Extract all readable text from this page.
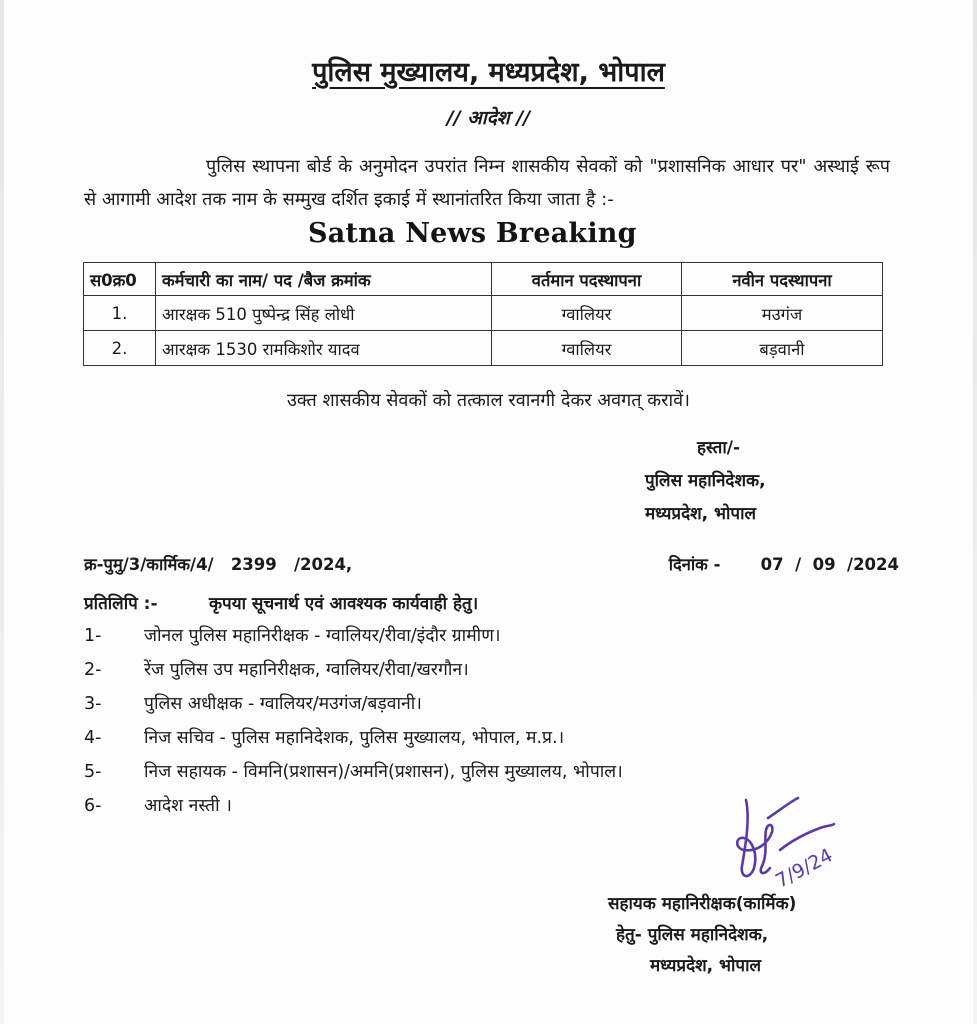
पुलिस मुख्यालय, मध्यप्रदेश, भोपाल
// आदेश //
पुलिस स्थापना बोर्ड के अनुमोदन उपरांत निम्न शासकीय सेवकों को "प्रशासनिक आधार पर" अस्थाई रूप से आगामी आदेश तक नाम के सम्मुख दर्शित इकाई में स्थानांतरित किया जाता है :-
Satna News Breaking
स0क्र0	कर्मचारी का नाम/ पद /बैज क्रमांक	वर्तमान पदस्थापना	नवीन पदस्थापना
1.	आरक्षक 510 पुष्पेन्द्र सिंह लोधी	ग्वालियर	मउगंज
2.	आरक्षक 1530 रामकिशोर यादव	ग्वालियर	बड़वानी
उक्त शासकीय सेवकों को तत्काल रवानगी देकर अवगत् करावें।
हस्ता/-
पुलिस महानिदेशक,
मध्यप्रदेश, भोपाल
क्र-पुमु/3/कार्मिक/4/   2399   /2024,	दिनांक -       07  /  09  /2024
प्रतिलिपि :-	कृपया सूचनार्थ एवं आवश्यक कार्यवाही हेतु।
1- जोनल पुलिस महानिरीक्षक - ग्वालियर/रीवा/इंदौर ग्रामीण।
2- रेंज पुलिस उप महानिरीक्षक, ग्वालियर/रीवा/खरगौन।
3- पुलिस अधीक्षक - ग्वालियर/मउगंज/बड़वानी।
4- निज सचिव - पुलिस महानिदेशक, पुलिस मुख्यालय, भोपाल, म.प्र.।
5- निज सहायक - विमनि(प्रशासन)/अमनि(प्रशासन), पुलिस मुख्यालय, भोपाल।
6- आदेश नस्ती ।
7/9/24
सहायक महानिरीक्षक(कार्मिक)
हेतु- पुलिस महानिदेशक,
मध्यप्रदेश, भोपाल
